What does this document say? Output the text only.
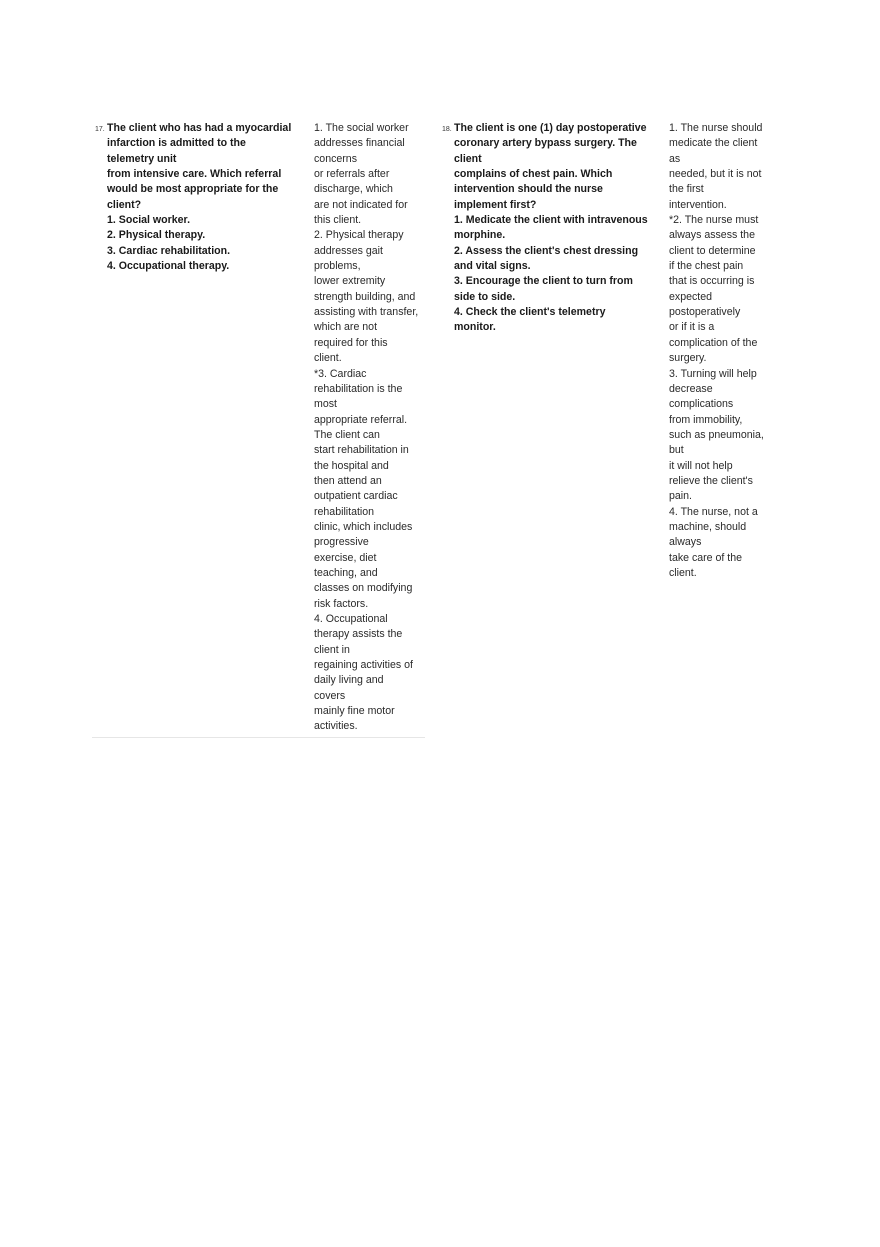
17. The client who has had a myocardial
infarction is admitted to the
telemetry unit
from intensive care. Which referral
would be most appropriate for the
client?
1. Social worker.
2. Physical therapy.
3. Cardiac rehabilitation.
4. Occupational therapy.
1. The social worker
addresses financial
concerns
or referrals after
discharge, which
are not indicated for
this client.
2. Physical therapy
addresses gait
problems,
lower extremity
strength building, and
assisting with transfer,
which are not
required for this
client.
*3. Cardiac
rehabilitation is the
most
appropriate referral.
The client can
start rehabilitation in
the hospital and
then attend an
outpatient cardiac
rehabilitation
clinic, which includes
progressive
exercise, diet
teaching, and
classes on modifying
risk factors.
4. Occupational
therapy assists the
client in
regaining activities of
daily living and
covers
mainly fine motor
activities.
18. The client is one (1) day postoperative
coronary artery bypass surgery. The
client
complains of chest pain. Which
intervention should the nurse
implement first?
1. Medicate the client with intravenous
morphine.
2. Assess the client's chest dressing
and vital signs.
3. Encourage the client to turn from
side to side.
4. Check the client's telemetry
monitor.
1. The nurse should
medicate the client
as
needed, but it is not
the first
intervention.
*2. The nurse must
always assess the
client to determine
if the chest pain
that is occurring is
expected
postoperatively
or if it is a
complication of the
surgery.
3. Turning will help
decrease
complications
from immobility,
such as pneumonia,
but
it will not help
relieve the client's
pain.
4. The nurse, not a
machine, should
always
take care of the
client.
